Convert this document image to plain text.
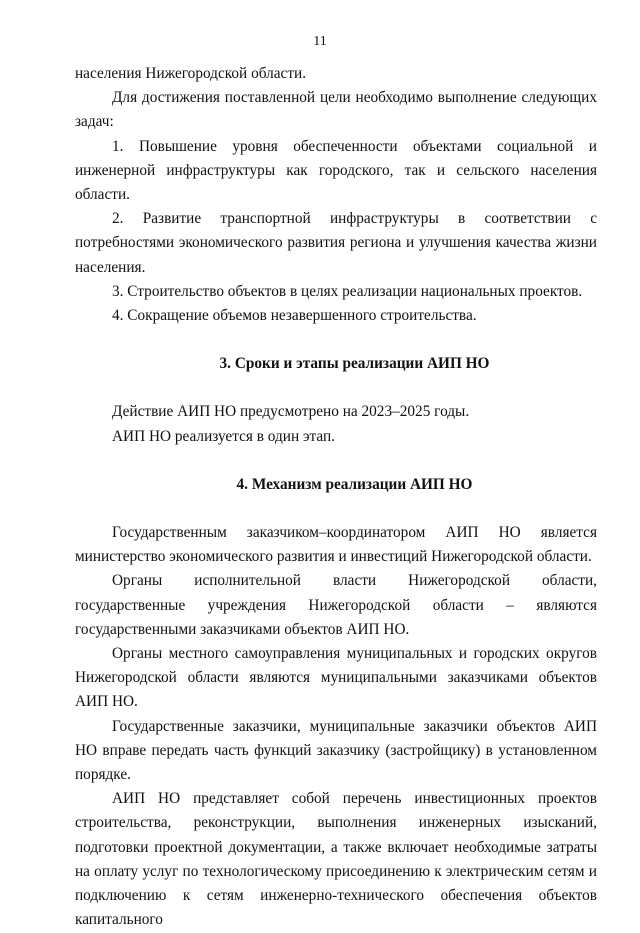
11

населения Нижегородской области.

Для достижения поставленной цели необходимо выполнение следующих задач:

1. Повышение уровня обеспеченности объектами социальной и инженерной инфраструктуры как городского, так и сельского населения области.

2. Развитие транспортной инфраструктуры в соответствии с потребностями экономического развития региона и улучшения качества жизни населения.

3. Строительство объектов в целях реализации национальных проектов.

4. Сокращение объемов незавершенного строительства.

3. Сроки и этапы реализации АИП НО

Действие АИП НО предусмотрено на 2023–2025 годы.

АИП НО реализуется в один этап.

4. Механизм реализации АИП НО

Государственным заказчиком–координатором АИП НО является министерство экономического развития и инвестиций Нижегородской области.

Органы исполнительной власти Нижегородской области, государственные учреждения Нижегородской области – являются государственными заказчиками объектов АИП НО.

Органы местного самоуправления муниципальных и городских округов Нижегородской области являются муниципальными заказчиками объектов АИП НО.

Государственные заказчики, муниципальные заказчики объектов АИП НО вправе передать часть функций заказчику (застройщику) в установленном порядке.

АИП НО представляет собой перечень инвестиционных проектов строительства, реконструкции, выполнения инженерных изысканий, подготовки проектной документации, а также включает необходимые затраты на оплату услуг по технологическому присоединению к электрическим сетям и подключению к сетям инженерно-технического обеспечения объектов капитального
